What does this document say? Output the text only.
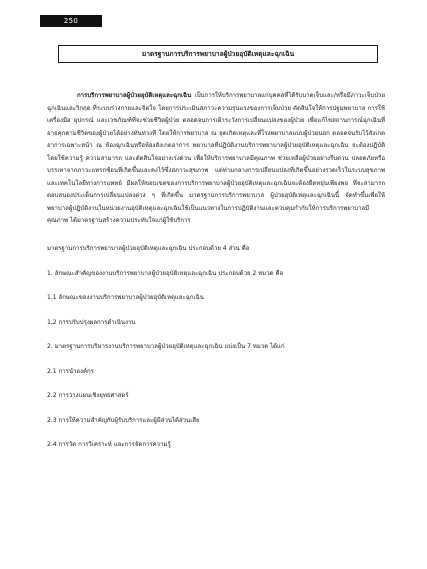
250
มาตรฐานการบริการพยาบาลผู้ป่วยอุบัติเหตุและฉุกเฉิน

การบริการพยาบาลผู้ป่วยอุบัติเหตุและฉุกเฉิน เป็นการให้บริการพยาบาลแก่บุคคลที่ได้รับบาดเจ็บและ/หรือมีภาวะเจ็บป่วยฉุกเฉินและวิกฤต ที่ระบบร่างกายและจิตใจ โดยการประเมินสภาวะความรุนแรงของการเจ็บป่วย ตัดสินใจให้การปฐมพยาบาล การใช้เครื่องมือ อุปกรณ์ และเวชภัณฑ์ที่จะช่วยชีวิตผู้ป่วย ตลอดจนการเฝ้าระวังการเปลี่ยนแปลงของผู้ป่วย เพื่อแก้ไขสถานการณ์ฉุกเฉินที่อาจคุกคามชีวิตของผู้ป่วยได้อย่างทันท่วงที โดยให้การพยาบาล ณ จุดเกิดเหตุและที่โรงพยาบาลแบบผู้ป่วยนอก ตลอดจนรับไว้สังเกตอาการเฉพาะหน้า ณ ห้องฉุกเฉินหรือห้องสังเกตอาการ พยาบาลที่ปฏิบัติงานบริการพยาบาลผู้ป่วยอุบัติเหตุและฉุกเฉิน จะต้องปฏิบัติโดยใช้ความรู้ ความสามารถ และตัดสินใจอย่างเร่งด่วน เพื่อให้บริการพยาบาลมีคุณภาพ ช่วยเหลือผู้ป่วยอย่างรีบด่วน ปลอดภัยหรือบรรเทาจากภาวะแทรกซ้อนที่เกิดขึ้นและคงไว้ซึ่งสภาวะสุขภาพ แต่ท่ามกลางการเปลี่ยนแปลงที่เกิดขึ้นอย่างรวดเร็วในระบบสุขภาพและเทคโนโลยีทางการแพทย์ มีผลให้ขอบเขตของการบริการพยาบาลผู้ป่วยอุบัติเหตุและฉุกเฉินจะต้องยืดหยุ่นเพียงพอ ที่จะสามารถตอบสนองประเด็นการเปลี่ยนแปลงต่าง ๆ ที่เกิดขึ้น มาตรฐานการบริการพยาบาล ผู้ป่วยอุบัติเหตุและฉุกเฉินนี้ จัดทำขึ้นเพื่อให้พยาบาลผู้ปฏิบัติงานในหน่วยงานอุบัติเหตุและฉุกเฉินใช้เป็นแนวทางในการปฏิบัติงานและควบคุมกำกับให้การบริการพยาบาลมีคุณภาพ ได้มาตรฐานสร้างความประทับใจแก่ผู้ใช้บริการ

มาตรฐานการบริการพยาบาลผู้ป่วยอุบัติเหตุและฉุกเฉิน ประกอบด้วย 4 ส่วน คือ

1. ลักษณะสำคัญของงานบริการพยาบาลผู้ป่วยอุบัติเหตุและฉุกเฉิน ประกอบด้วย 2 หมวด คือ

1.1 ลักษณะของงานบริการพยาบาลผู้ป่วยอุบัติเหตุและฉุกเฉิน

1.2 การปรับปรุงผลการดำเนินงาน

2. มาตรฐานการบริหารงานบริการพยาบาลผู้ป่วยอุบัติเหตุและฉุกเฉิน แบ่งเป็น 7 หมวด ได้แก่

2.1 การนำองค์กร

2.2 การวางแผนเชิงยุทธศาสตร์

2.3 การให้ความสำคัญกับผู้รับบริการและผู้มีส่วนได้ส่วนเสีย

2.4 การวัด การวิเคราะห์ และการจัดการความรู้
